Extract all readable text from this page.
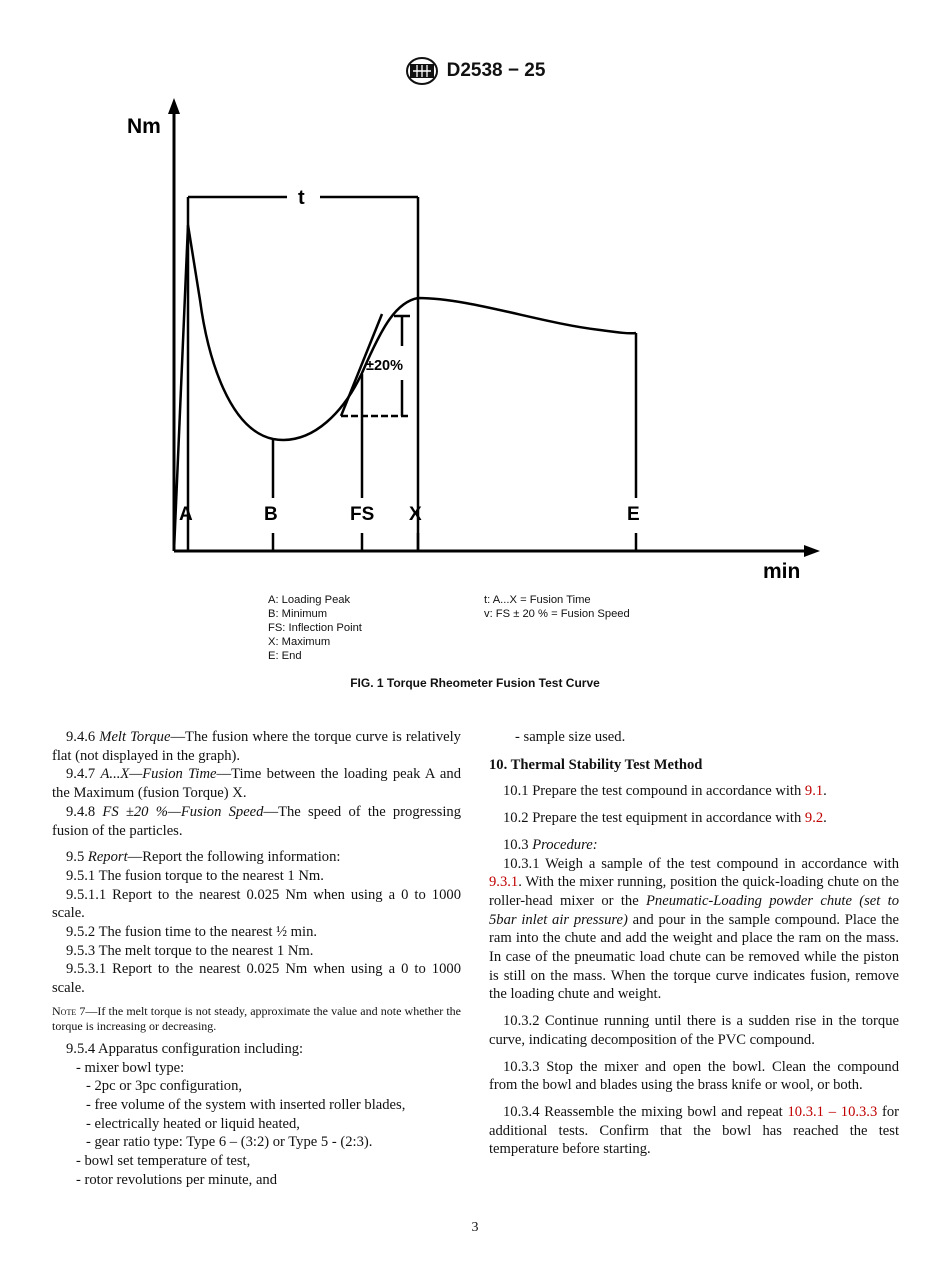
D2538 − 25
Nm
min
t
±20%
A	B	FS X	E
A: Loading Peak
B: Minimum
FS: Inflection Point
X: Maximum
E: End
t: A...X = Fusion Time
v: FS ± 20 % = Fusion Speed
FIG. 1 Torque Rheometer Fusion Test Curve

9.4.6 Melt Torque—The fusion where the torque curve is relatively flat (not displayed in the graph).

9.4.7 A...X—Fusion Time—Time between the loading peak A and the Maximum (fusion Torque) X.

9.4.8 FS ±20 %—Fusion Speed—The speed of the progressing fusion of the particles.

9.5 Report—Report the following information:

9.5.1 The fusion torque to the nearest 1 Nm.

9.5.1.1 Report to the nearest 0.025 Nm when using a 0 to 1000 scale.

9.5.2 The fusion time to the nearest ½ min.

9.5.3 The melt torque to the nearest 1 Nm.

9.5.3.1 Report to the nearest 0.025 Nm when using a 0 to 1000 scale.

Note 7—If the melt torque is not steady, approximate the value and note whether the torque is increasing or decreasing.

9.5.4 Apparatus configuration including:

- mixer bowl type:

- 2pc or 3pc configuration,

- free volume of the system with inserted roller blades,

- electrically heated or liquid heated,

- gear ratio type: Type 6 – (3:2) or Type 5 - (2:3).

- bowl set temperature of test,

- rotor revolutions per minute, and

- sample size used.

10. Thermal Stability Test Method

10.1 Prepare the test compound in accordance with 9.1.

10.2 Prepare the test equipment in accordance with 9.2.

10.3 Procedure:

10.3.1 Weigh a sample of the test compound in accordance with 9.3.1. With the mixer running, position the quick-loading chute on the roller-head mixer or the Pneumatic-Loading powder chute (set to 5bar inlet air pressure) and pour in the sample compound. Place the ram into the chute and add the weight and place the ram on the mass. In case of the pneumatic load chute can be removed while the piston is still on the mass. When the torque curve indicates fusion, remove the loading chute and weight.

10.3.2 Continue running until there is a sudden rise in the torque curve, indicating decomposition of the PVC compound.

10.3.3 Stop the mixer and open the bowl. Clean the compound from the bowl and blades using the brass knife or wool, or both.

10.3.4 Reassemble the mixing bowl and repeat 10.3.1 – 10.3.3 for additional tests. Confirm that the bowl has reached the test temperature before starting.

3
